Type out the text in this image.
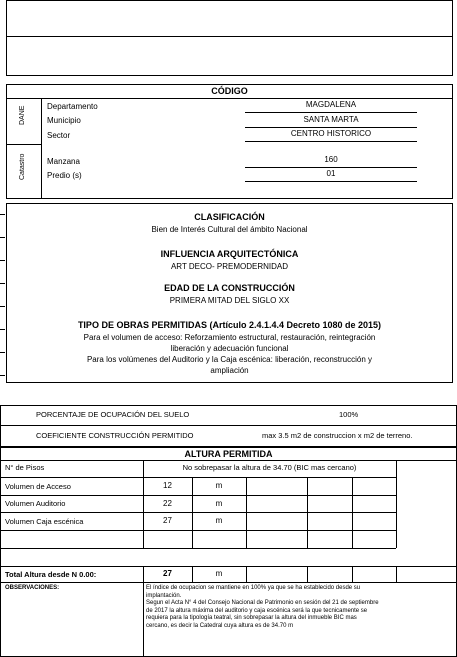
CÓDIGO
DANE
Catastro
Departamento	MAGDALENA
Municipio	SANTA MARTA
Sector	CENTRO HISTORICO
Manzana	160
Predio (s)	01
CLASIFICACIÓN
Bien de Interés Cultural del ámbito Nacional
INFLUENCIA ARQUITECTÓNICA
ART DECO- PREMODERNIDAD
EDAD DE LA CONSTRUCCIÓN
PRIMERA MITAD DEL SIGLO XX
TIPO DE OBRAS PERMITIDAS (Artículo 2.4.1.4.4 Decreto 1080 de 2015)
Para el volumen de acceso: Reforzamiento estructural, restauración, reintegración
liberación y adecuación funcional
Para los volúmenes del Auditorio y la Caja escénica: liberación, reconstrucción y
ampliación
PORCENTAJE DE OCUPACIÓN DEL SUELO	100%
COEFICIENTE CONSTRUCCIÓN PERMITIDO	max 3.5 m2 de construccion x m2 de terreno.
ALTURA PERMITIDA
N° de Pisos	No sobrepasar la altura de 34.70 (BIC mas cercano)
Volumen de Acceso	12	m
Volumen Auditorio	22	m
Volumen Caja escénica	27	m
Total Altura desde N 0.00:	27	m
OBSERVACIONES:	El índice de ocupacion se mantiene en 100% ya que se ha establecido desde su
implantación.
Segun el Acta N° 4 del Consejo Nacional de Patrimonio en sesión del 21 de septiembre
de 2017 la altura máxima del auditorio y caja escénica será la que tecnicamente se
requiera para la tipología teatral, sin sobrepasar la altura del inmueble BIC mas
cercano, es decir la Catedral cuya altura es de 34.70 m
